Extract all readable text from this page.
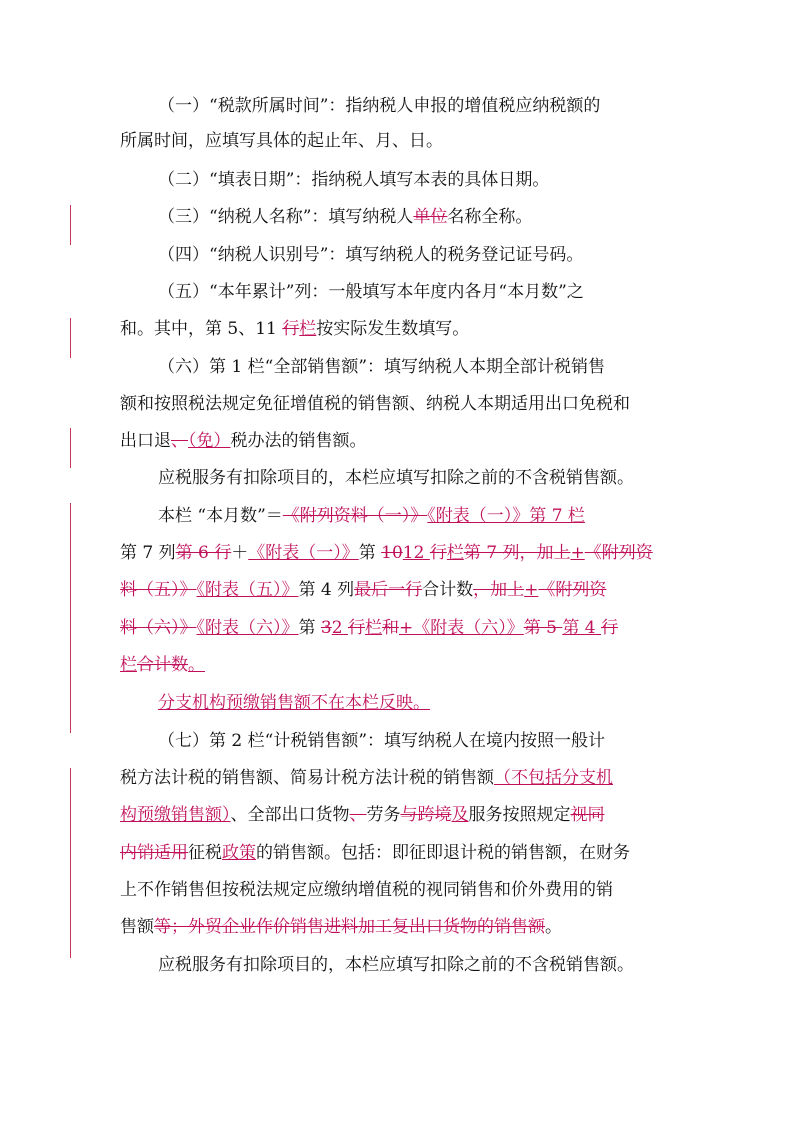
（一）“税款所属时间”：指纳税人申报的增值税应纳税额的
所属时间，应填写具体的起止年、月、日。
（二）“填表日期”：指纳税人填写本表的具体日期。
（三）“纳税人名称”：填写纳税人单位名称全称。
（四）“纳税人识别号”：填写纳税人的税务登记证号码。
（五）“本年累计”列：一般填写本年度内各月“本月数”之
和。其中，第 5、11 行栏按实际发生数填写。
（六）第 1 栏“全部销售额”：填写纳税人本期全部计税销售
额和按照税法规定免征增值税的销售额、纳税人本期适用出口免税和
出口退、（免）税办法的销售额。
应税服务有扣除项目的，本栏应填写扣除之前的不含税销售额。
本栏 “本月数”＝《附列资料（一）》《附表（一）》第 7 栏
第 7 列第 6 行＋《附表（一）》第 1012 行栏第 7 列，加上+《附列资
料（五）》《附表（五）》第 4 列最后一行合计数，加上+《附列资
料（六）》《附表（六）》第 32 行栏和+《附表（六）》第 5 第 4 行
栏合计数。
分支机构预缴销售额不在本栏反映。
（七）第 2 栏“计税销售额”：填写纳税人在境内按照一般计
税方法计税的销售额、简易计税方法计税的销售额（不包括分支机
构预缴销售额）、全部出口货物、劳务与跨境及服务按照规定视同
内销适用征税政策的销售额。包括：即征即退计税的销售额，在财务
上不作销售但按税法规定应缴纳增值税的视同销售和价外费用的销
售额等；外贸企业作价销售进料加工复出口货物的销售额。
应税服务有扣除项目的，本栏应填写扣除之前的不含税销售额。
